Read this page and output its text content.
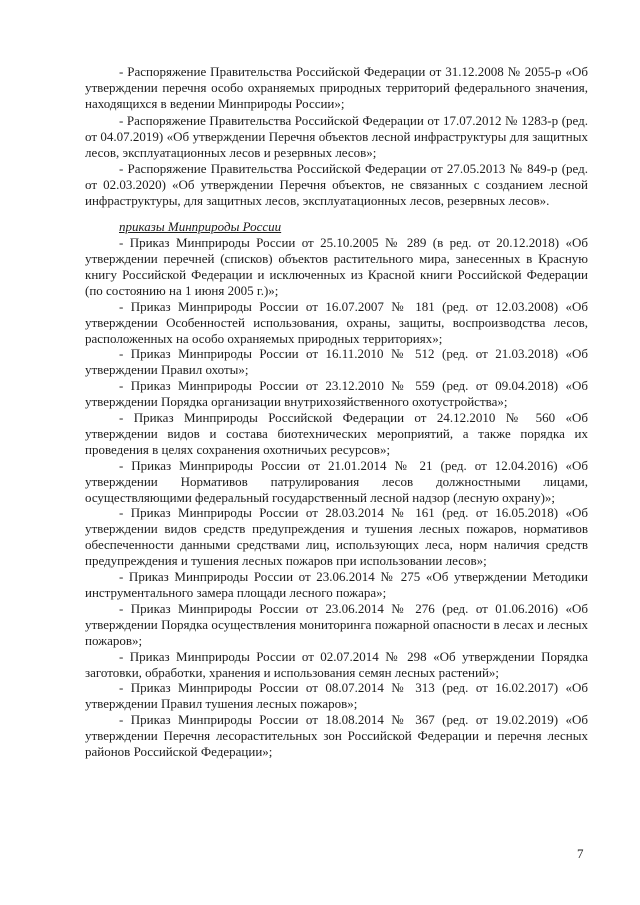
- Распоряжение Правительства Российской Федерации от 31.12.2008 № 2055-р «Об утверждении перечня особо охраняемых природных территорий федерального значения, находящихся в ведении Минприроды России»;

- Распоряжение Правительства Российской Федерации от 17.07.2012 № 1283-р (ред. от 04.07.2019) «Об утверждении Перечня объектов лесной инфраструктуры для защитных лесов, эксплуатационных лесов и резервных лесов»;

- Распоряжение Правительства Российской Федерации от 27.05.2013 № 849-р (ред. от 02.03.2020) «Об утверждении Перечня объектов, не связанных с созданием лесной инфраструктуры, для защитных лесов, эксплуатационных лесов, резервных лесов».

приказы Минприроды России

- Приказ Минприроды России от 25.10.2005 № 289 (в ред. от 20.12.2018) «Об утверждении перечней (списков) объектов растительного мира, занесенных в Красную книгу Российской Федерации и исключенных из Красной книги Российской Федерации (по состоянию на 1 июня 2005 г.)»;

- Приказ Минприроды России от 16.07.2007 № 181 (ред. от 12.03.2008) «Об утверждении Особенностей использования, охраны, защиты, воспроизводства лесов, расположенных на особо охраняемых природных территориях»;

- Приказ Минприроды России от 16.11.2010 № 512 (ред. от 21.03.2018) «Об утверждении Правил охоты»;

- Приказ Минприроды России от 23.12.2010 № 559 (ред. от 09.04.2018) «Об утверждении Порядка организации внутрихозяйственного охотустройства»;

- Приказ Минприроды Российской Федерации от 24.12.2010 № 560 «Об утверждении видов и состава биотехнических мероприятий, а также порядка их проведения в целях сохранения охотничьих ресурсов»;

- Приказ Минприроды России от 21.01.2014 № 21 (ред. от 12.04.2016) «Об утверждении Нормативов патрулирования лесов должностными лицами, осуществляющими федеральный государственный лесной надзор (лесную охрану)»;

- Приказ Минприроды России от 28.03.2014 № 161 (ред. от 16.05.2018) «Об утверждении видов средств предупреждения и тушения лесных пожаров, нормативов обеспеченности данными средствами лиц, использующих леса, норм наличия средств предупреждения и тушения лесных пожаров при использовании лесов»;

- Приказ Минприроды России от 23.06.2014 № 275 «Об утверждении Методики инструментального замера площади лесного пожара»;

- Приказ Минприроды России от 23.06.2014 № 276 (ред. от 01.06.2016) «Об утверждении Порядка осуществления мониторинга пожарной опасности в лесах и лесных пожаров»;

- Приказ Минприроды России от 02.07.2014 № 298 «Об утверждении Порядка заготовки, обработки, хранения и использования семян лесных растений»;

- Приказ Минприроды России от 08.07.2014 № 313 (ред. от 16.02.2017) «Об утверждении Правил тушения лесных пожаров»;

- Приказ Минприроды России от 18.08.2014 № 367 (ред. от 19.02.2019) «Об утверждении Перечня лесорастительных зон Российской Федерации и перечня лесных районов Российской Федерации»;

7
